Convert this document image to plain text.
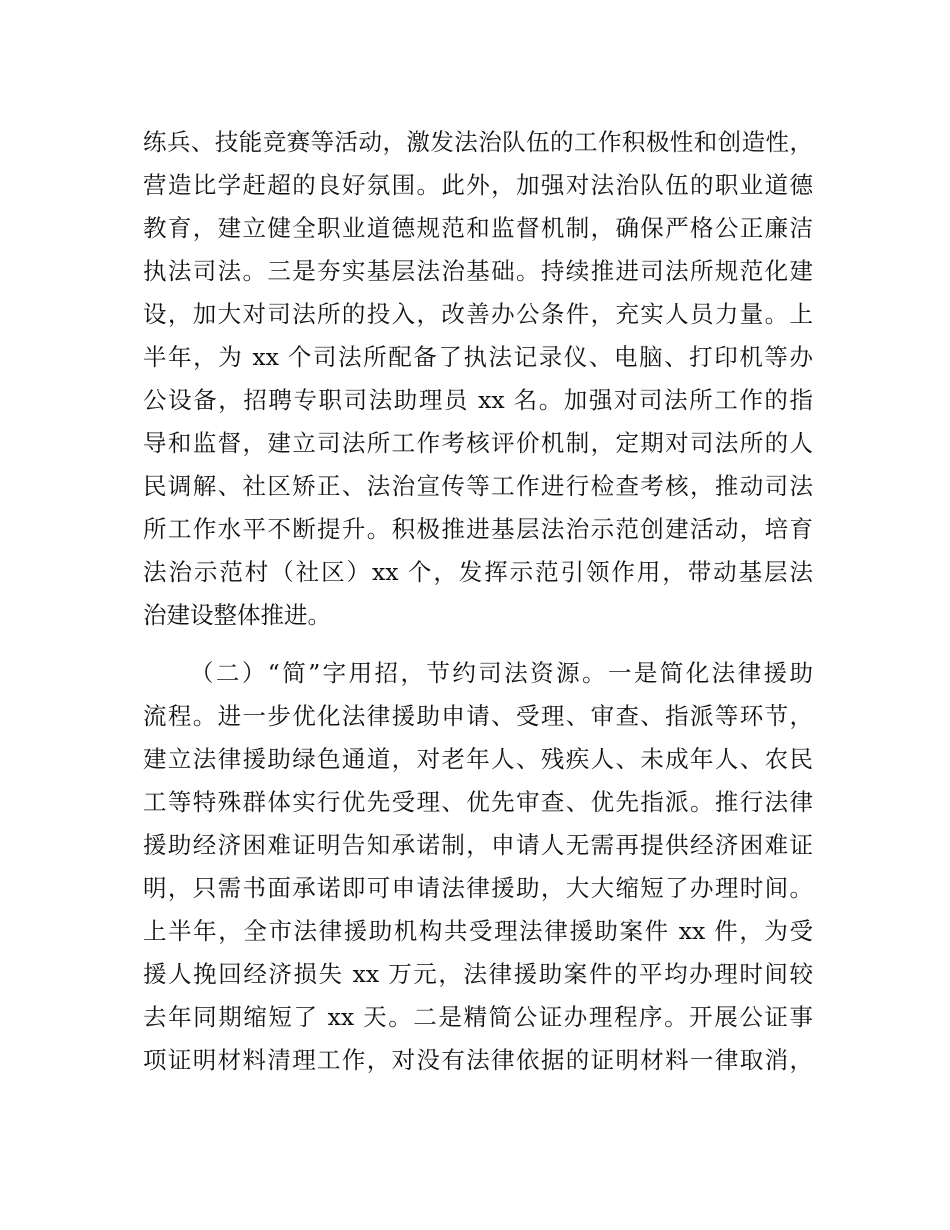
练兵、技能竞赛等活动，激发法治队伍的工作积极性和创造性，
营造比学赶超的良好氛围。此外，加强对法治队伍的职业道德
教育，建立健全职业道德规范和监督机制，确保严格公正廉洁
执法司法。三是夯实基层法治基础。持续推进司法所规范化建
设，加大对司法所的投入，改善办公条件，充实人员力量。上
半年，为 xx 个司法所配备了执法记录仪、电脑、打印机等办
公设备，招聘专职司法助理员 xx 名。加强对司法所工作的指
导和监督，建立司法所工作考核评价机制，定期对司法所的人
民调解、社区矫正、法治宣传等工作进行检查考核，推动司法
所工作水平不断提升。积极推进基层法治示范创建活动，培育
法治示范村（社区）xx 个，发挥示范引领作用，带动基层法
治建设整体推进。
（二）“简”字用招，节约司法资源。一是简化法律援助
流程。进一步优化法律援助申请、受理、审查、指派等环节，
建立法律援助绿色通道，对老年人、残疾人、未成年人、农民
工等特殊群体实行优先受理、优先审查、优先指派。推行法律
援助经济困难证明告知承诺制，申请人无需再提供经济困难证
明，只需书面承诺即可申请法律援助，大大缩短了办理时间。
上半年，全市法律援助机构共受理法律援助案件 xx 件，为受
援人挽回经济损失 xx 万元，法律援助案件的平均办理时间较
去年同期缩短了 xx 天。二是精简公证办理程序。开展公证事
项证明材料清理工作，对没有法律依据的证明材料一律取消，
